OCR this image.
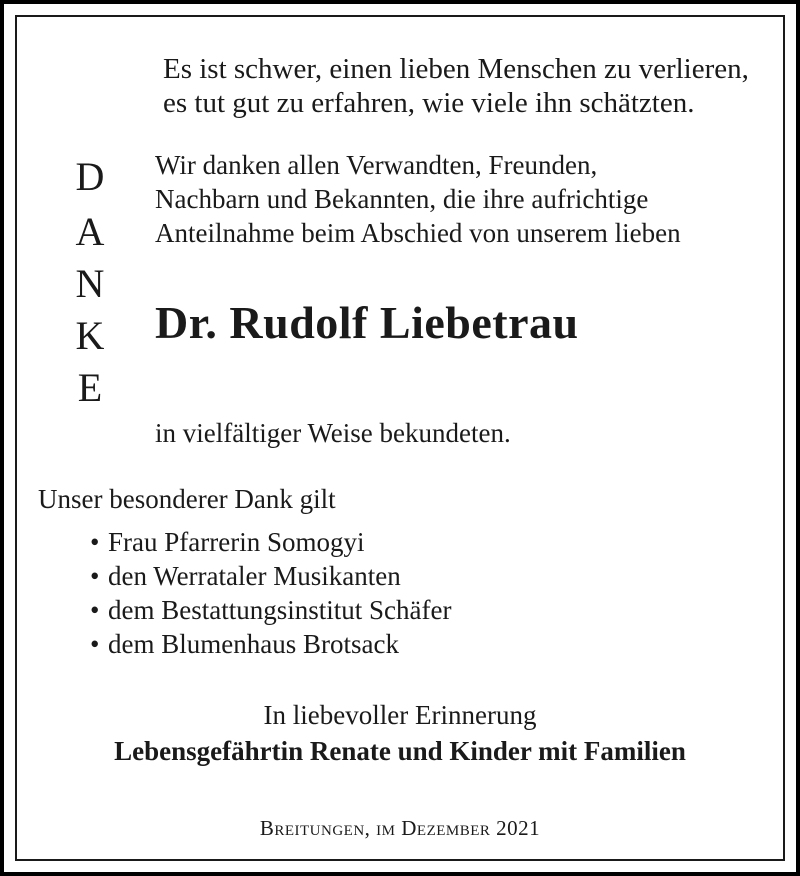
Es ist schwer, einen lieben Menschen zu verlieren,
es tut gut zu erfahren, wie viele ihn schätzten.
D
A
N
K
E
Wir danken allen Verwandten, Freunden,
Nachbarn und Bekannten, die ihre aufrichtige
Anteilnahme beim Abschied von unserem lieben
Dr. Rudolf Liebetrau
in vielfältiger Weise bekundeten.
Unser besonderer Dank gilt
• Frau Pfarrerin Somogyi
• den Werrataler Musikanten
• dem Bestattungsinstitut Schäfer
• dem Blumenhaus Brotsack
In liebevoller Erinnerung
Lebensgefährtin Renate und Kinder mit Familien
Breitungen, im Dezember 2021
